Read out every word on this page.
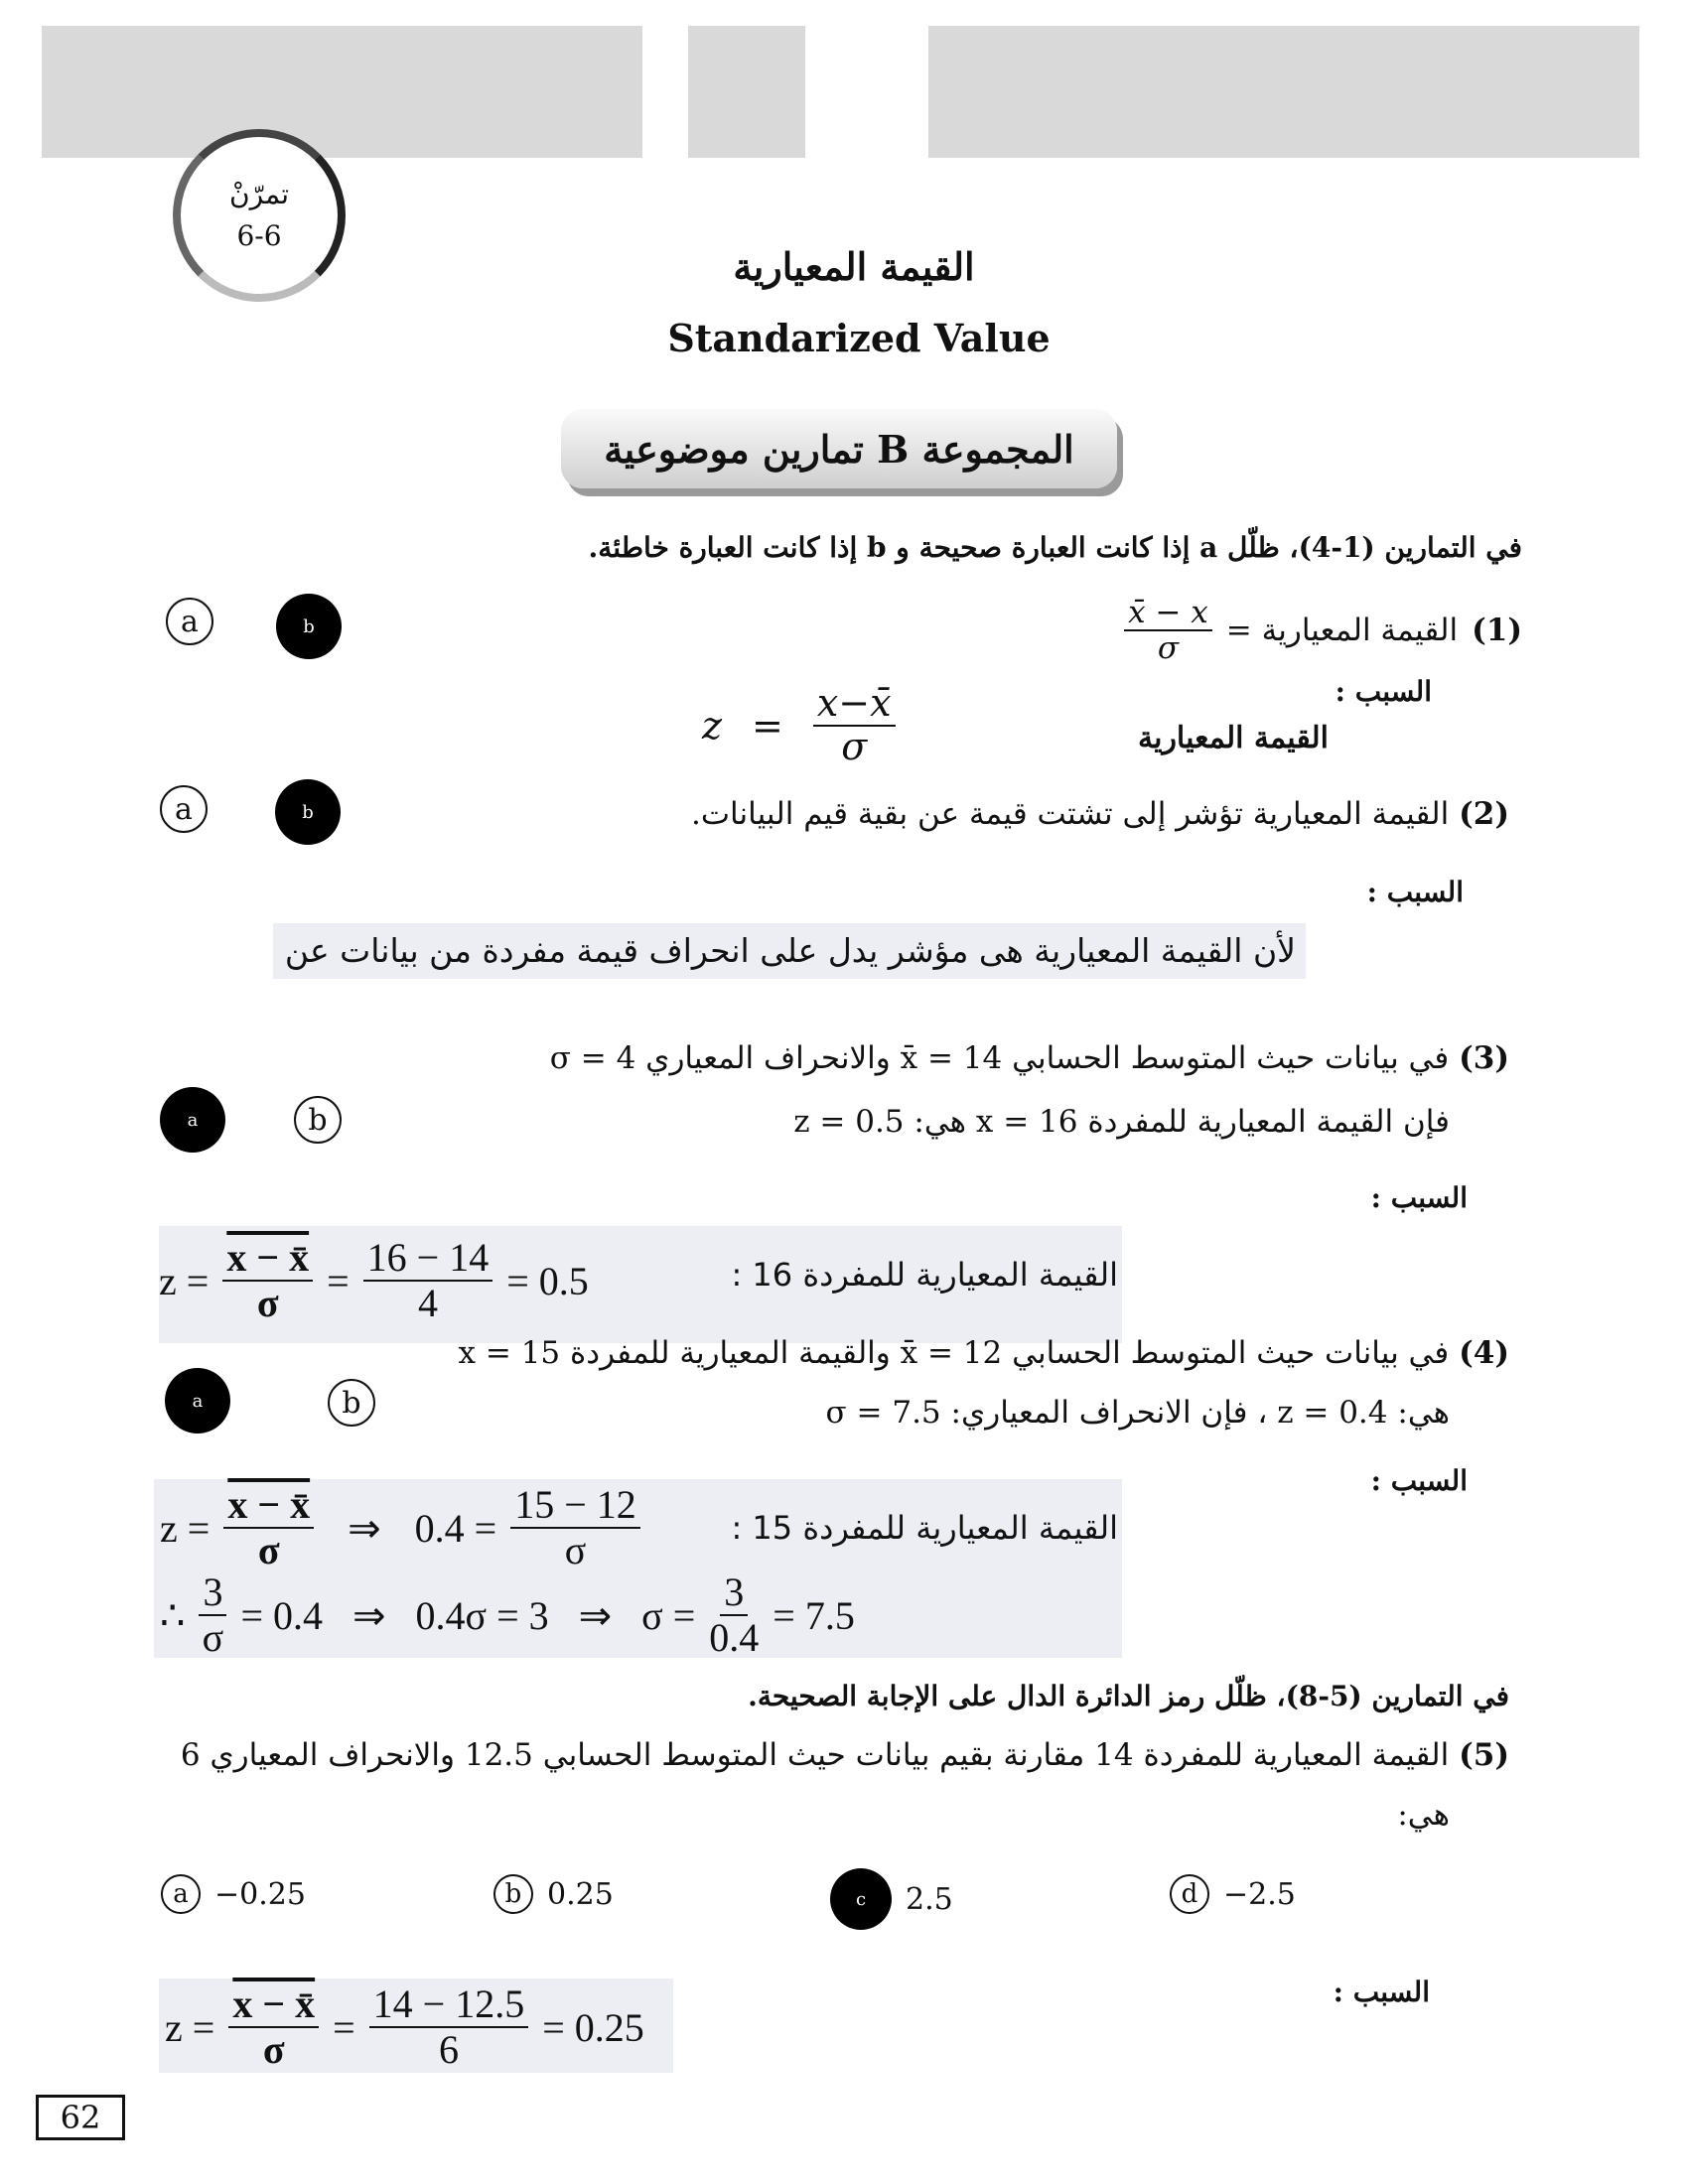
تمرّنْ
6-6
القيمة المعيارية
Standarized Value
المجموعة B تمارين موضوعية
في التمارين (1-4)، ظلّل a إذا كانت العبارة صحيحة و b إذا كانت العبارة خاطئة.
a	b	(1)
القيمة المعيارية =
$\frac{x̄ - x}{\sigma}$
السبب :
القيمة المعيارية
$z = \frac{x-x̄}{\sigma}$
a	b	(2) القيمة المعيارية تؤشر إلى تشتت قيمة عن بقية قيم البيانات.
السبب :
لأن القيمة المعيارية هى مؤشر يدل على انحراف قيمة مفردة من بيانات عن
(3) في بيانات حيث المتوسط الحسابي x̄ = 14 والانحراف المعياري σ = 4
a	b	فإن القيمة المعيارية للمفردة x = 16 هي: z = 0.5
السبب :
$z = \frac{x - x̄}{\sigma} = \frac{16 - 14}{4} = 0.5$	القيمة المعيارية للمفردة 16 :
(4) في بيانات حيث المتوسط الحسابي x̄ = 12 والقيمة المعيارية للمفردة x = 15
a	b	هي: z = 0.4 ، فإن الانحراف المعياري: σ = 7.5
السبب :
$z = \frac{x - x̄}{\sigma}$ ⇒ $0.4 = \frac{15 - 12}{\sigma}$	القيمة المعيارية للمفردة 15 :
∴ $\frac{3}{\sigma} = 0.4$ ⇒ 0.4σ = 3 ⇒ $\sigma = \frac{3}{0.4} = 7.5$
في التمارين (5-8)، ظلّل رمز الدائرة الدال على الإجابة الصحيحة.
(5) القيمة المعيارية للمفردة 14 مقارنة بقيم بيانات حيث المتوسط الحسابي 12.5 والانحراف المعياري 6
هي:
a −0.25	b 0.25	c	2.5	d −2.5
السبب :
$z = \frac{x - x̄}{\sigma} = \frac{14 - 12.5}{6} = 0.25$
62
